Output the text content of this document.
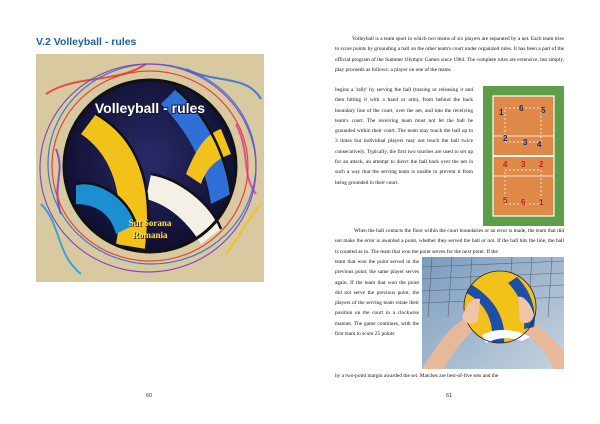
V.2 Volleyball - rules
Volleyball - rules
Sut Sorana
Romania
60

Volleyball is a team sport in which two teams of six players are separated by a net. Each team tries to score points by grounding a ball on the other team's court under organized rules. It has been a part of the official program of the Summer Olympic Games since 1964. The complete rules are extensive, but simply, play proceeds as follows: a player on one of the teams

begins a 'rally' by serving the ball (tossing or releasing it and then hitting it with a hand or arm), from behind the back boundary line of the court, over the net, and into the receiving team's court. The receiving team must not let the ball be grounded within their court. The team may touch the ball up to 3 times but individual players may not touch the ball twice consecutively. Typically, the first two touches are used to set up for an attack, an attempt to direct the ball back over the net in such a way that the serving team is unable to prevent it from being grounded in their court.

1 6 5
2 3 4
4 3 2
5 6 1

When the ball contacts the floor within the court boundaries or an error is made, the team that did not make the error is awarded a point, whether they served the ball or not. If the ball hits the line, the ball is counted as in. The team that won the point serves for the next point. If the

team that won the point served in the previous point, the same player serves again. If the team that won the point did not serve the previous point, the players of the serving team rotate their position on the court in a clockwise manner. The game continues, with the first team to score 25 points

by a two-point margin awarded the set. Matches are best-of-five sets and the

61
